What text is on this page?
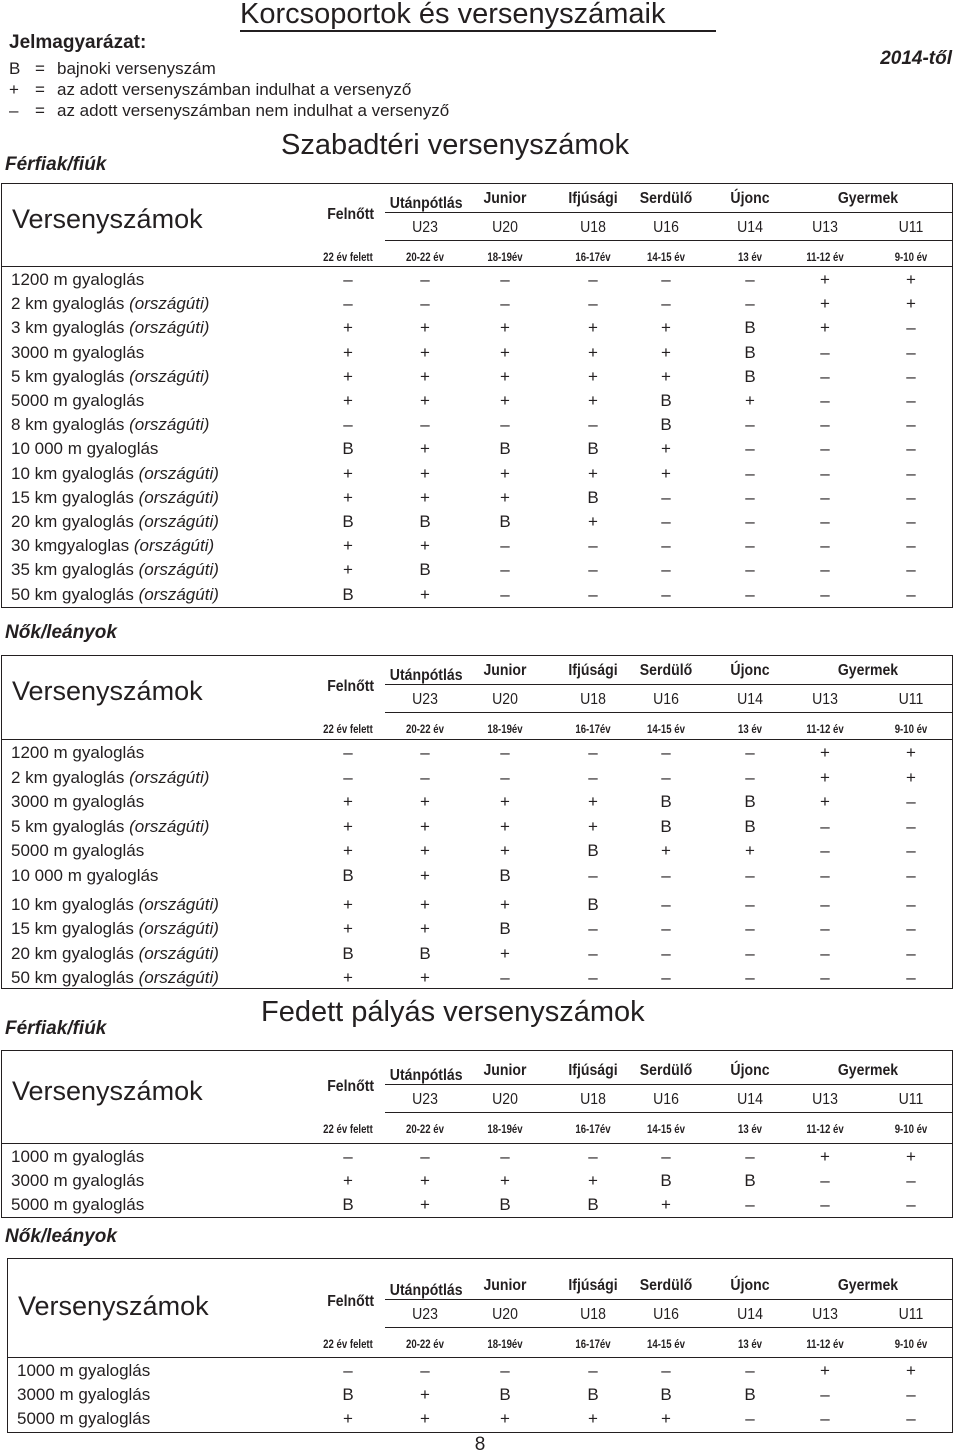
Korcsoportok és versenyszámaik
Jelmagyarázat:
B = bajnoki versenyszám
+ = az adott versenyszámban indulhat a versenyző
– = az adott versenyszámban nem indulhat a versenyző
2014-től
Szabadtéri versenyszámok
Férfiak/fiúk
Versenyszámok	Felnőtt
Utánpótlás	Junior	Ifjúsági Serdülő Újonc	Gyermek
U23	U20	U18	U16	U14	U13	U11
22 év felett	20-22 év	18-19év	16-17év	14-15 év	13 év	11-12 év	9-10 év
1200 m gyaloglás	–	–	–	–	–	–	+	+
2 km gyaloglás (országúti)	–	–	–	–	–	–	+	+
3 km gyaloglás (országúti)	+	+	+	+	+	B	+	–
3000 m gyaloglás	+	+	+	+	+	B	–	–
5 km gyaloglás (országúti)	+	+	+	+	+	B	–	–
5000 m gyaloglás	+	+	+	+	B	+	–	–
8 km gyaloglás (országúti)	–	–	–	–	B	–	–	–
10 000 m gyaloglás	B	+	B	B	+	–	–	–
10 km gyaloglás (országúti)	+	+	+	+	+	–	–	–
15 km gyaloglás (országúti)	+	+	+	B	–	–	–	–
20 km gyaloglás (országúti)	B	B	B	+	–	–	–	–
30 kmgyaloglas (országúti)	+	+	–	–	–	–	–	–
35 km gyaloglás (országúti)	+	B	–	–	–	–	–	–
50 km gyaloglás (országúti)	B	+	–	–	–	–	–	–
Nők/leányok
Versenyszámok	Felnőtt
Utánpótlás	Junior	Ifjúsági Serdülő Újonc	Gyermek
U23	U20	U18	U16	U14	U13	U11
22 év felett	20-22 év	18-19év	16-17év	14-15 év	13 év	11-12 év	9-10 év
1200 m gyaloglás	–	–	–	–	–	–	+	+
2 km gyaloglás (országúti)	–	–	–	–	–	–	+	+
3000 m gyaloglás	+	+	+	+	B	B	+	–
5 km gyaloglás (országúti)	+	+	+	+	B	B	–	–
5000 m gyaloglás	+	+	+	B	+	+	–	–
10 000 m gyaloglás	B	+	B	–	–	–	–	–
10 km gyaloglás (országúti)	+	+	+	B	–	–	–	–
15 km gyaloglás (országúti)	+	+	B	–	–	–	–	–
20 km gyaloglás (országúti)	B	B	+	–	–	–	–	–
50 km gyaloglás (országúti)	+	+	–	–	–	–	–	–
Fedett pályás versenyszámok
Férfiak/fiúk
Versenyszámok	Felnőtt
Utánpótlás	Junior	Ifjúsági Serdülő Újonc	Gyermek
U23	U20	U18	U16	U14	U13	U11
22 év felett	20-22 év	18-19év	16-17év	14-15 év	13 év	11-12 év	9-10 év
1000 m gyaloglás	–	–	–	–	–	–	+	+
3000 m gyaloglás	+	+	+	+	B	B	–	–
5000 m gyaloglás	B	+	B	B	+	–	–	–
Nők/leányok
Versenyszámok	Felnőtt
Utánpótlás	Junior	Ifjúsági Serdülő Újonc	Gyermek
U23	U20	U18	U16	U14	U13	U11
22 év felett	20-22 év	18-19év	16-17év	14-15 év	13 év	11-12 év	9-10 év
1000 m gyaloglás	–	–	–	–	–	–	+	+
3000 m gyaloglás	B	+	B	B	B	B	–	–
5000 m gyaloglás	+	+	+	+	+	–	–	–
8
